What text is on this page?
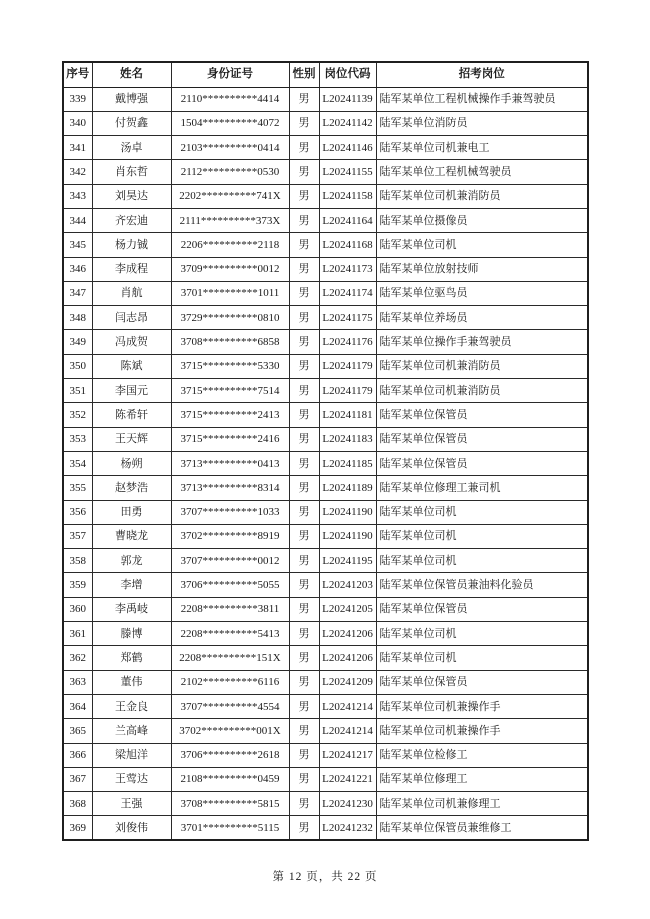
序号	姓名	身份证号	性别	岗位代码	招考岗位
339	戴博强	2110**********4414	男	L20241139	陆军某单位工程机械操作手兼驾驶员
340	付贺鑫	1504**********4072	男	L20241142	陆军某单位消防员
341	汤卓	2103**********0414	男	L20241146	陆军某单位司机兼电工
342	肖东哲	2112**********0530	男	L20241155	陆军某单位工程机械驾驶员
343	刘昊达	2202**********741X	男	L20241158	陆军某单位司机兼消防员
344	齐宏迪	2111**********373X	男	L20241164	陆军某单位摄像员
345	杨力铖	2206**********2118	男	L20241168	陆军某单位司机
346	李成程	3709**********0012	男	L20241173	陆军某单位放射技师
347	肖航	3701**********1011	男	L20241174	陆军某单位驱鸟员
348	闫志昂	3729**********0810	男	L20241175	陆军某单位养场员
349	冯成贺	3708**********6858	男	L20241176	陆军某单位操作手兼驾驶员
350	陈斌	3715**********5330	男	L20241179	陆军某单位司机兼消防员
351	李国元	3715**********7514	男	L20241179	陆军某单位司机兼消防员
352	陈希轩	3715**********2413	男	L20241181	陆军某单位保管员
353	王天辉	3715**********2416	男	L20241183	陆军某单位保管员
354	杨朔	3713**********0413	男	L20241185	陆军某单位保管员
355	赵梦浩	3713**********8314	男	L20241189	陆军某单位修理工兼司机
356	田勇	3707**********1033	男	L20241190	陆军某单位司机
357	曹晓龙	3702**********8919	男	L20241190	陆军某单位司机
358	郭龙	3707**********0012	男	L20241195	陆军某单位司机
359	李增	3706**********5055	男	L20241203	陆军某单位保管员兼油料化验员
360	李禹岐	2208**********3811	男	L20241205	陆军某单位保管员
361	滕博	2208**********5413	男	L20241206	陆军某单位司机
362	郑鹤	2208**********151X	男	L20241206	陆军某单位司机
363	董伟	2102**********6116	男	L20241209	陆军某单位保管员
364	王金良	3707**********4554	男	L20241214	陆军某单位司机兼操作手
365	兰高峰	3702**********001X	男	L20241214	陆军某单位司机兼操作手
366	梁旭洋	3706**********2618	男	L20241217	陆军某单位检修工
367	王莺达	2108**********0459	男	L20241221	陆军某单位修理工
368	王强	3708**********5815	男	L20241230	陆军某单位司机兼修理工
369	刘俊伟	3701**********5115	男	L20241232	陆军某单位保管员兼维修工
第 12 页，共 22 页
